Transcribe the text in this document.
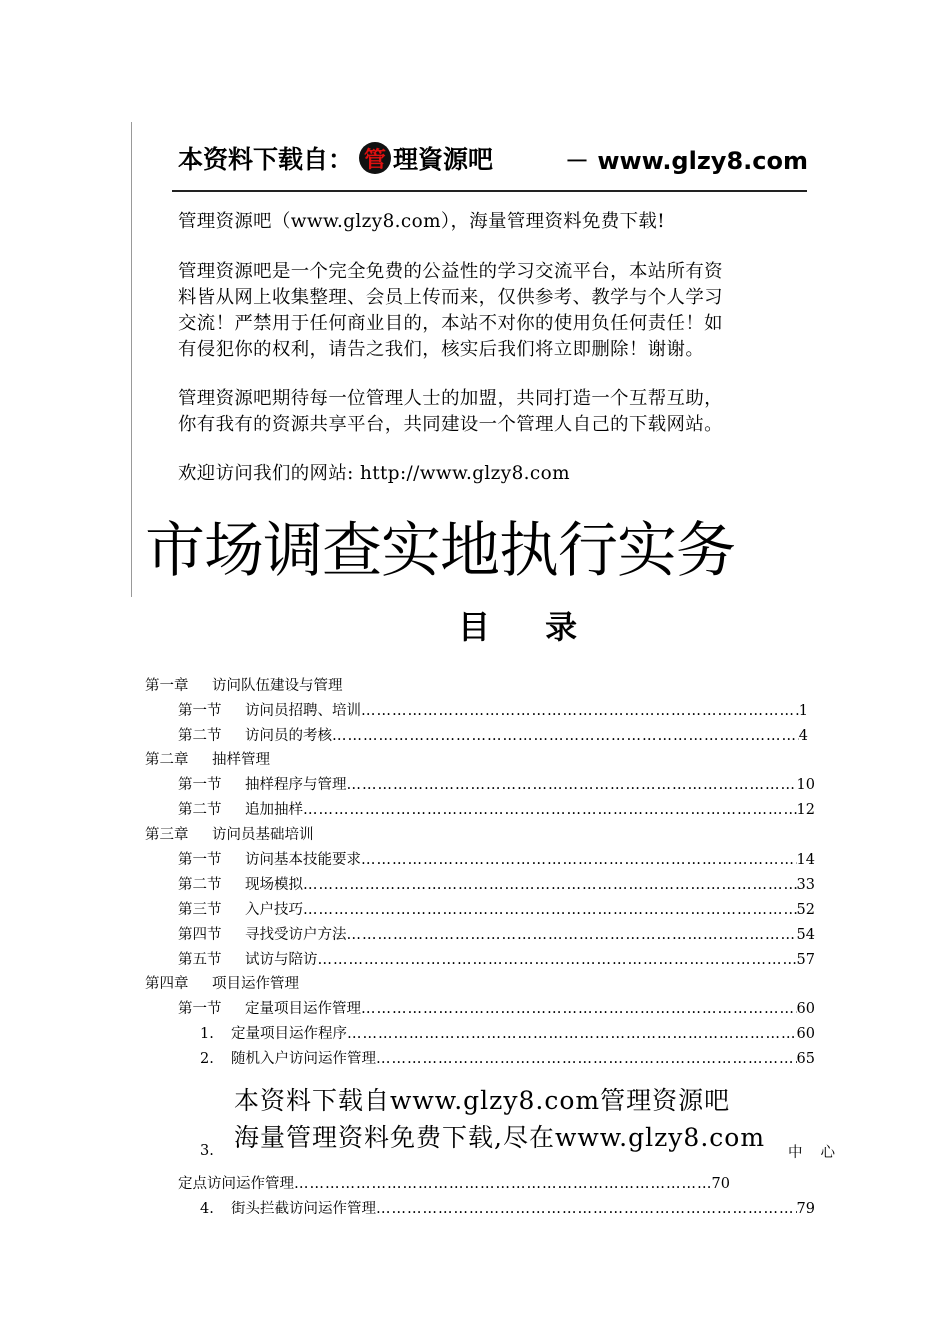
本资料下载自： 管 理資源吧	－ www.glzy8.com
管理资源吧（www.glzy8.com），海量管理资料免费下载!
管理资源吧是一个完全免费的公益性的学习交流平台，本站所有资
料皆从网上收集整理、会员上传而来，仅供参考、教学与个人学习
交流！严禁用于任何商业目的，本站不对你的使用负任何责任！如
有侵犯你的权利，请告之我们，核实后我们将立即删除！谢谢。
管理资源吧期待每一位管理人士的加盟，共同打造一个互帮互助，
你有我有的资源共享平台，共同建设一个管理人自己的下载网站。
欢迎访问我们的网站: http://www.glzy8.com
市场调查实地执行实务
目 录
第一章	访问队伍建设与管理
第一节	访问员招聘、培训 ……………………………………………………………………………………………………………………………………………………………………	1
第二节	访问员的考核 ……………………………………………………………………………………………………………………………………………………………………	4
第二章	抽样管理
第一节	抽样程序与管理 ……………………………………………………………………………………………………………………………………………………………………	10
第二节	追加抽样 ……………………………………………………………………………………………………………………………………………………………………	12
第三章	访问员基础培训
第一节	访问基本技能要求 ……………………………………………………………………………………………………………………………………………………………………	14
第二节	现场模拟 ……………………………………………………………………………………………………………………………………………………………………	33
第三节	入户技巧 ……………………………………………………………………………………………………………………………………………………………………	52
第四节	寻找受访户方法 ……………………………………………………………………………………………………………………………………………………………………	54
第五节	试访与陪访 ……………………………………………………………………………………………………………………………………………………………………	57
第四章	项目运作管理
第一节	定量项目运作管理 ……………………………………………………………………………………………………………………………………………………………………	60
1.	定量项目运作程序 ……………………………………………………………………………………………………………………………………………………………………	60
2.	随机入户访问运作管理 ……………………………………………………………………………………………………………………………………………………………………	65
本资料下载自www.glzy8.com管理资源吧
海量管理资料免费下载,尽在www.glzy8.com
3.	中心
定点访问运作管理 ……………………………………………………………………………………………………………………………………………………………………	70
4.	街头拦截访问运作管理 ……………………………………………………………………………………………………………………………………………………………………	79
